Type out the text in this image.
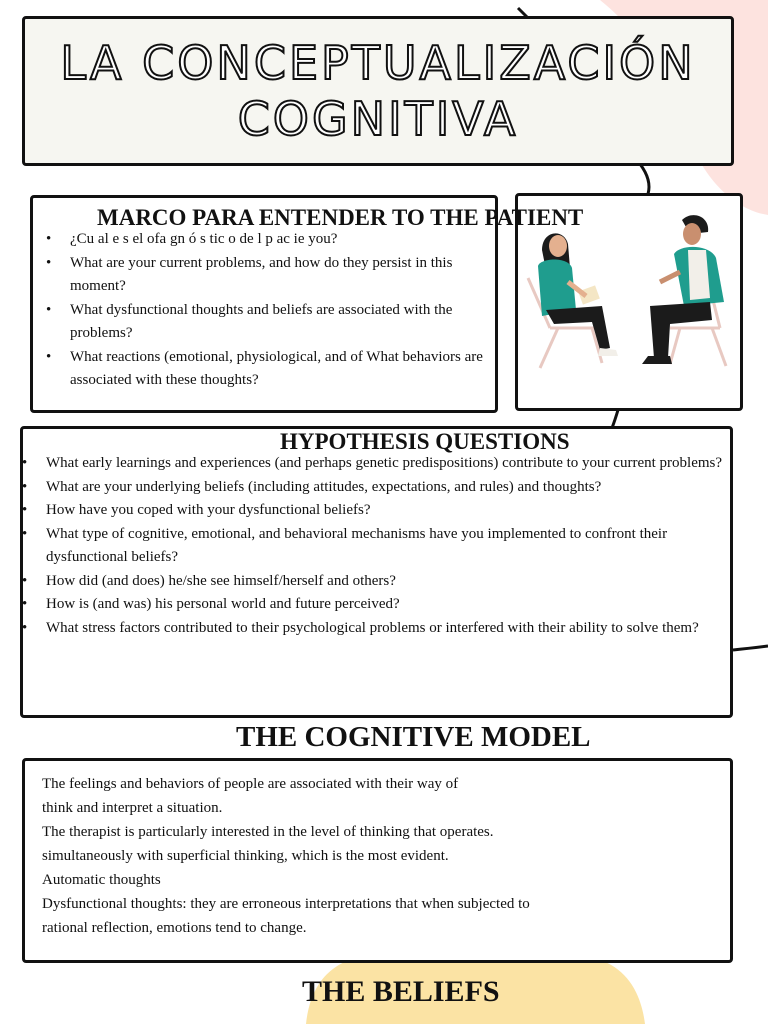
LA CONCEPTUALIZACIÓN
COGNITIVA
MARCO PARA ENTENDER TO THE PATIENT
• ¿Cu al e s el ofa gn ó s tic o de l p ac ie you?
• What are your current problems, and how do they persist in this moment?
• What dysfunctional thoughts and beliefs are associated with the problems?
• What reactions (emotional, physiological, and of What behaviors are associated with these thoughts?
HYPOTHESIS QUESTIONS
• What early learnings and experiences (and perhaps genetic predispositions) contribute to your current problems?
• What are your underlying beliefs (including attitudes, expectations, and rules) and thoughts?
• How have you coped with your dysfunctional beliefs?
• What type of cognitive, emotional, and behavioral mechanisms have you implemented to confront their dysfunctional beliefs?
• How did (and does) he/she see himself/herself and others?
• How is (and was) his personal world and future perceived?
• What stress factors contributed to their psychological problems or interfered with their ability to solve them?
THE COGNITIVE MODEL
The feelings and behaviors of people are associated with their way of
think and interpret a situation.
The therapist is particularly interested in the level of thinking that operates.
simultaneously with superficial thinking, which is the most evident.
Automatic thoughts
Dysfunctional thoughts: they are erroneous interpretations that when subjected to
rational reflection, emotions tend to change.
THE BELIEFS
